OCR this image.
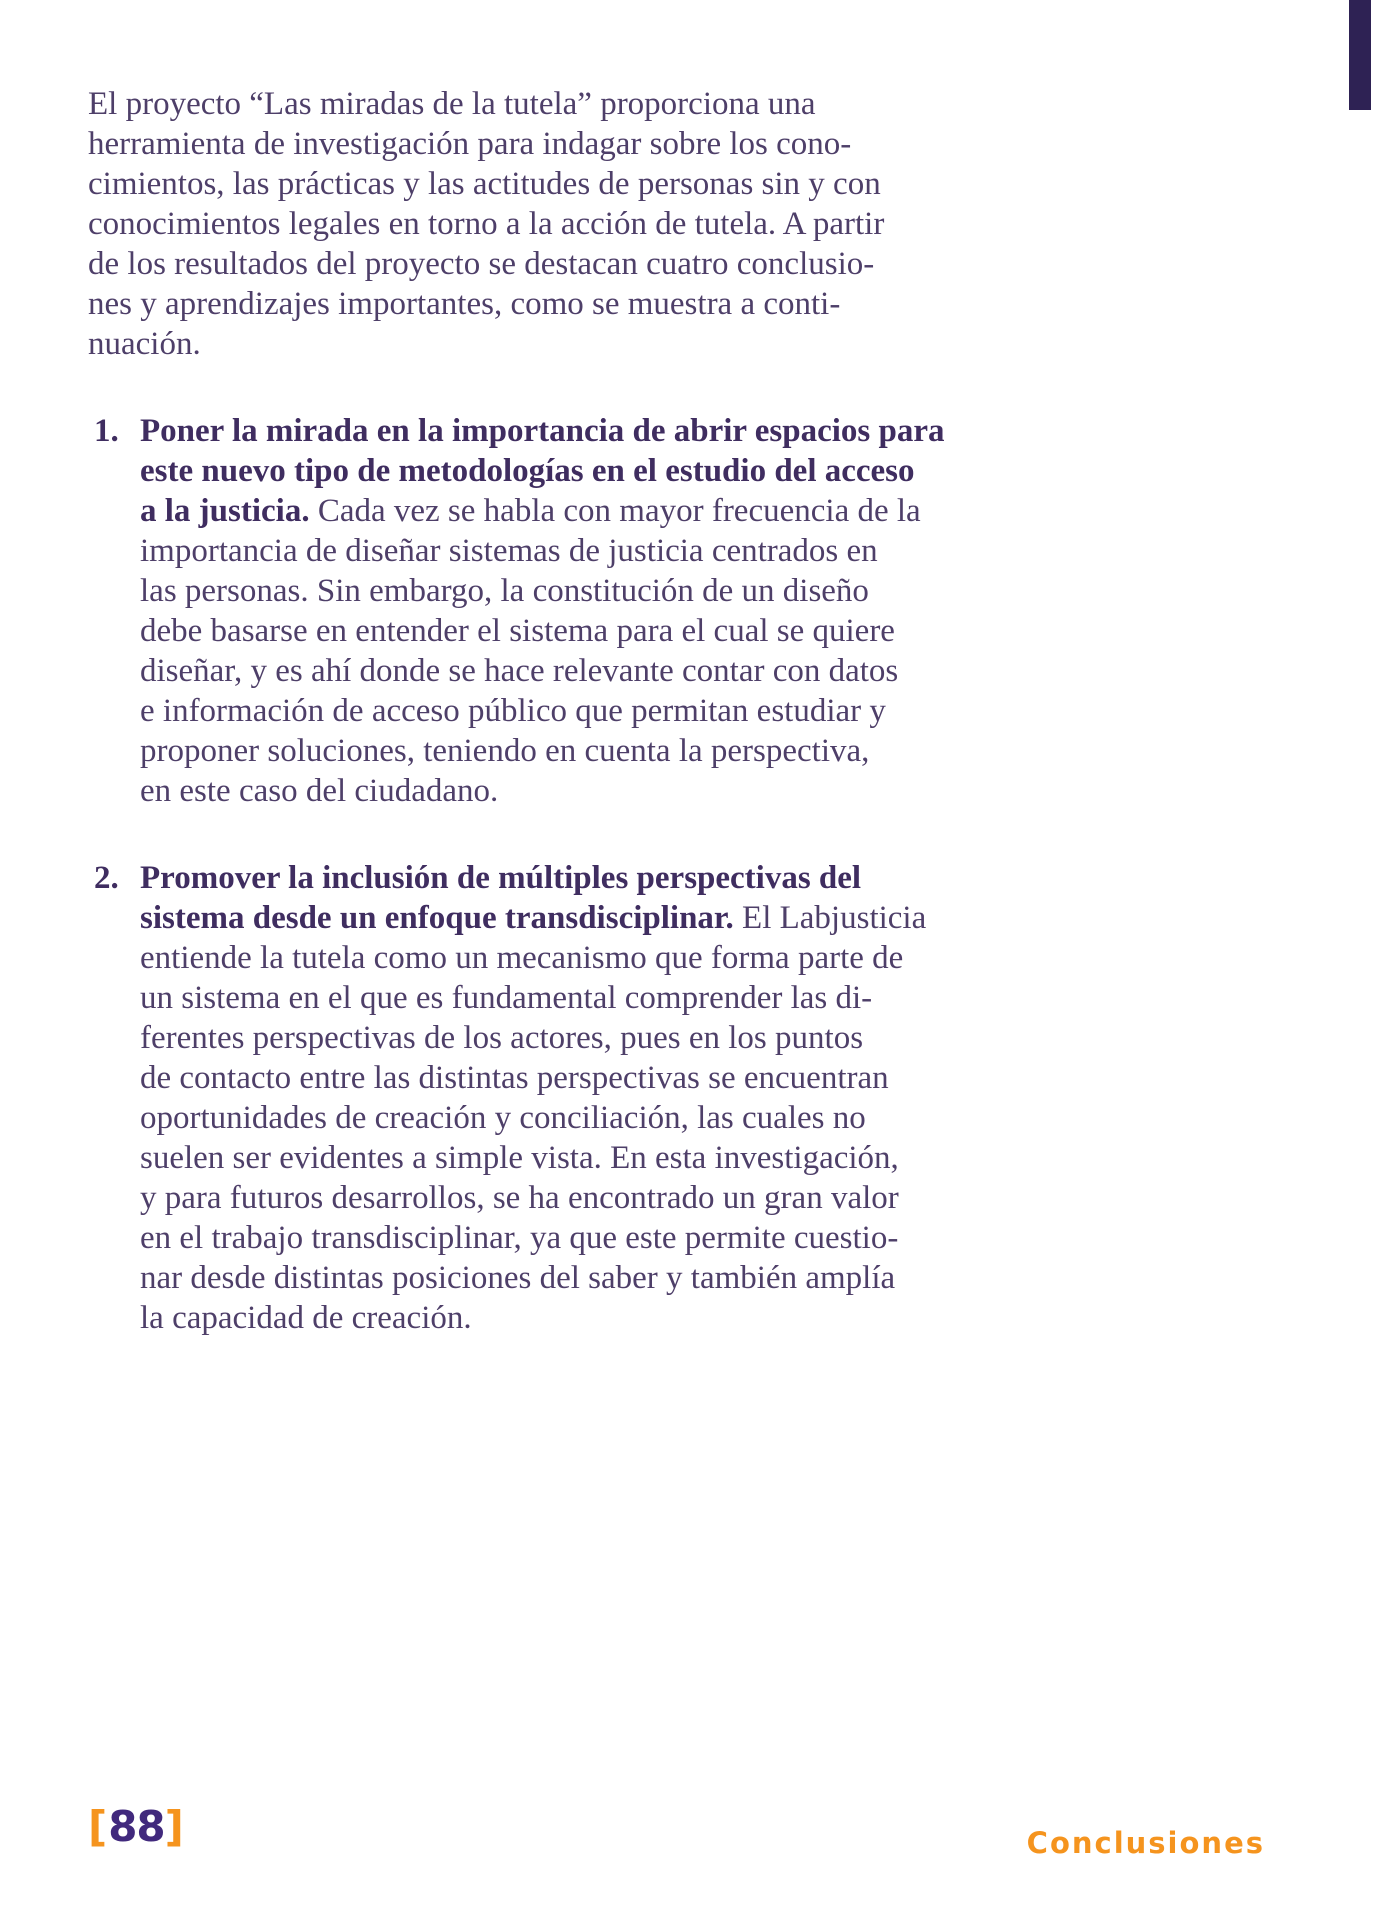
El proyecto “Las miradas de la tutela” proporciona una
herramienta de investigación para indagar sobre los cono-
cimientos, las prácticas y las actitudes de personas sin y con
conocimientos legales en torno a la acción de tutela. A partir
de los resultados del proyecto se destacan cuatro conclusio-
nes y aprendizajes importantes, como se muestra a conti-
nuación.
1. Poner la mirada en la importancia de abrir espacios para
este nuevo tipo de metodologías en el estudio del acceso
a la justicia. Cada vez se habla con mayor frecuencia de la
importancia de diseñar sistemas de justicia centrados en
las personas. Sin embargo, la constitución de un diseño
debe basarse en entender el sistema para el cual se quiere
diseñar, y es ahí donde se hace relevante contar con datos
e información de acceso público que permitan estudiar y
proponer soluciones, teniendo en cuenta la perspectiva,
en este caso del ciudadano.
2. Promover la inclusión de múltiples perspectivas del
sistema desde un enfoque transdisciplinar. El Labjusticia
entiende la tutela como un mecanismo que forma parte de
un sistema en el que es fundamental comprender las di-
ferentes perspectivas de los actores, pues en los puntos
de contacto entre las distintas perspectivas se encuentran
oportunidades de creación y conciliación, las cuales no
suelen ser evidentes a simple vista. En esta investigación,
y para futuros desarrollos, se ha encontrado un gran valor
en el trabajo transdisciplinar, ya que este permite cuestio-
nar desde distintas posiciones del saber y también amplía
la capacidad de creación.
[88]	Conclusiones
